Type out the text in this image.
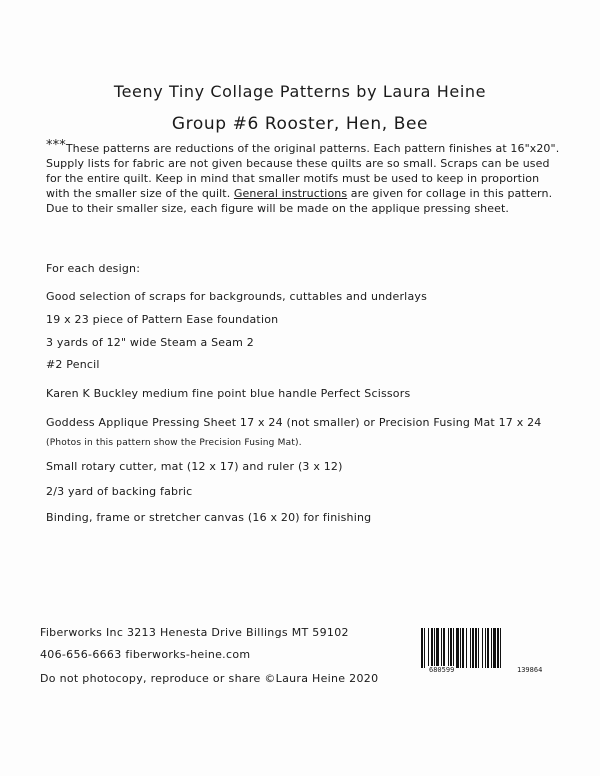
Teeny Tiny Collage Patterns by Laura Heine
Group #6 Rooster, Hen, Bee
***These patterns are reductions of the original patterns. Each pattern finishes at 16"x20". Supply lists for fabric are not given because these quilts are so small. Scraps can be used for the entire quilt. Keep in mind that smaller motifs must be used to keep in proportion with the smaller size of the quilt. General instructions are given for collage in this pattern. Due to their smaller size, each figure will be made on the applique pressing sheet.
For each design:
Good selection of scraps for backgrounds, cuttables and underlays
19 x 23 piece of Pattern Ease foundation
3 yards of 12" wide Steam a Seam 2
#2 Pencil
Karen K Buckley medium fine point blue handle Perfect Scissors
Goddess Applique Pressing Sheet 17 x 24 (not smaller) or Precision Fusing Mat 17 x 24
(Photos in this pattern show the Precision Fusing Mat).
Small rotary cutter, mat (12 x 17) and ruler (3 x 12)
2/3 yard of backing fabric
Binding, frame or stretcher canvas (16 x 20) for finishing
Fiberworks Inc 3213 Henesta Drive Billings MT 59102
406-656-6663 fiberworks-heine.com
Do not photocopy, reproduce or share ©Laura Heine 2020
680599	139864
